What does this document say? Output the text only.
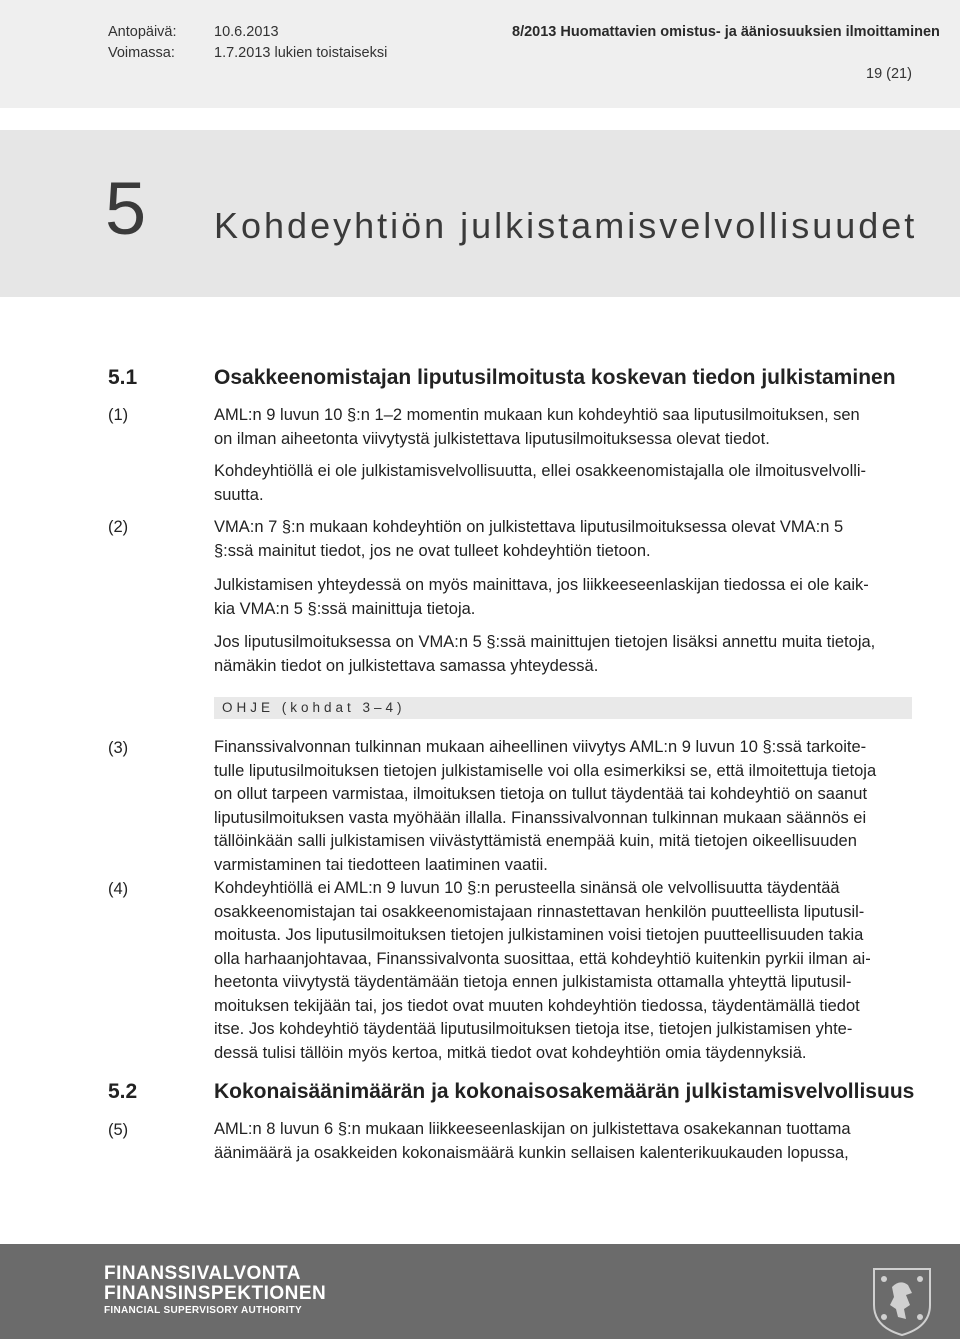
Antopäivä:	10.6.2013
Voimassa:	1.7.2013 lukien toistaiseksi
8/2013 Huomattavien omistus- ja ääniosuuksien ilmoittaminen
19 (21)
5 Kohdeyhtiön julkistamisvelvollisuudet
5.1	Osakkeenomistajan liputusilmoitusta koskevan tiedon julkistaminen
(1)	AML:n 9 luvun 10 §:n 1–2 momentin mukaan kun kohdeyhtiö saa liputusilmoituksen, sen
on ilman aiheetonta viivytystä julkistettava liputusilmoituksessa olevat tiedot.
Kohdeyhtiöllä ei ole julkistamisvelvollisuutta, ellei osakkeenomistajalla ole ilmoitusvelvolli-
suutta.
(2)	VMA:n 7 §:n mukaan kohdeyhtiön on julkistettava liputusilmoituksessa olevat VMA:n 5
§:ssä mainitut tiedot, jos ne ovat tulleet kohdeyhtiön tietoon.
Julkistamisen yhteydessä on myös mainittava, jos liikkeeseenlaskijan tiedossa ei ole kaik-
kia VMA:n 5 §:ssä mainittuja tietoja.
Jos liputusilmoituksessa on VMA:n 5 §:ssä mainittujen tietojen lisäksi annettu muita tietoja,
nämäkin tiedot on julkistettava samassa yhteydessä.
OHJE (kohdat 3–4)
(3)	Finanssivalvonnan tulkinnan mukaan aiheellinen viivytys AML:n 9 luvun 10 §:ssä tarkoite-
tulle liputusilmoituksen tietojen julkistamiselle voi olla esimerkiksi se, että ilmoitettuja tietoja
on ollut tarpeen varmistaa, ilmoituksen tietoja on tullut täydentää tai kohdeyhtiö on saanut
liputusilmoituksen vasta myöhään illalla. Finanssivalvonnan tulkinnan mukaan säännös ei
tällöinkään salli julkistamisen viivästyttämistä enempää kuin, mitä tietojen oikeellisuuden
varmistaminen tai tiedotteen laatiminen vaatii.
(4)	Kohdeyhtiöllä ei AML:n 9 luvun 10 §:n perusteella sinänsä ole velvollisuutta täydentää
osakkeenomistajan tai osakkeenomistajaan rinnastettavan henkilön puutteellista liputusil-
moitusta. Jos liputusilmoituksen tietojen julkistaminen voisi tietojen puutteellisuuden takia
olla harhaanjohtavaa, Finanssivalvonta suosittaa, että kohdeyhtiö kuitenkin pyrkii ilman ai-
heetonta viivytystä täydentämään tietoja ennen julkistamista ottamalla yhteyttä liputusil-
moituksen tekijään tai, jos tiedot ovat muuten kohdeyhtiön tiedossa, täydentämällä tiedot
itse. Jos kohdeyhtiö täydentää liputusilmoituksen tietoja itse, tietojen julkistamisen yhte-
dessä tulisi tällöin myös kertoa, mitkä tiedot ovat kohdeyhtiön omia täydennyksiä.
5.2	Kokonaisäänimäärän ja kokonaisosakemäärän julkistamisvelvollisuus
(5)	AML:n 8 luvun 6 §:n mukaan liikkeeseenlaskijan on julkistettava osakekannan tuottama
äänimäärä ja osakkeiden kokonaismäärä kunkin sellaisen kalenterikuukauden lopussa,
FINANSSIVALVONTA
FINANSINSPEKTIONEN
FINANCIAL SUPERVISORY AUTHORITY
